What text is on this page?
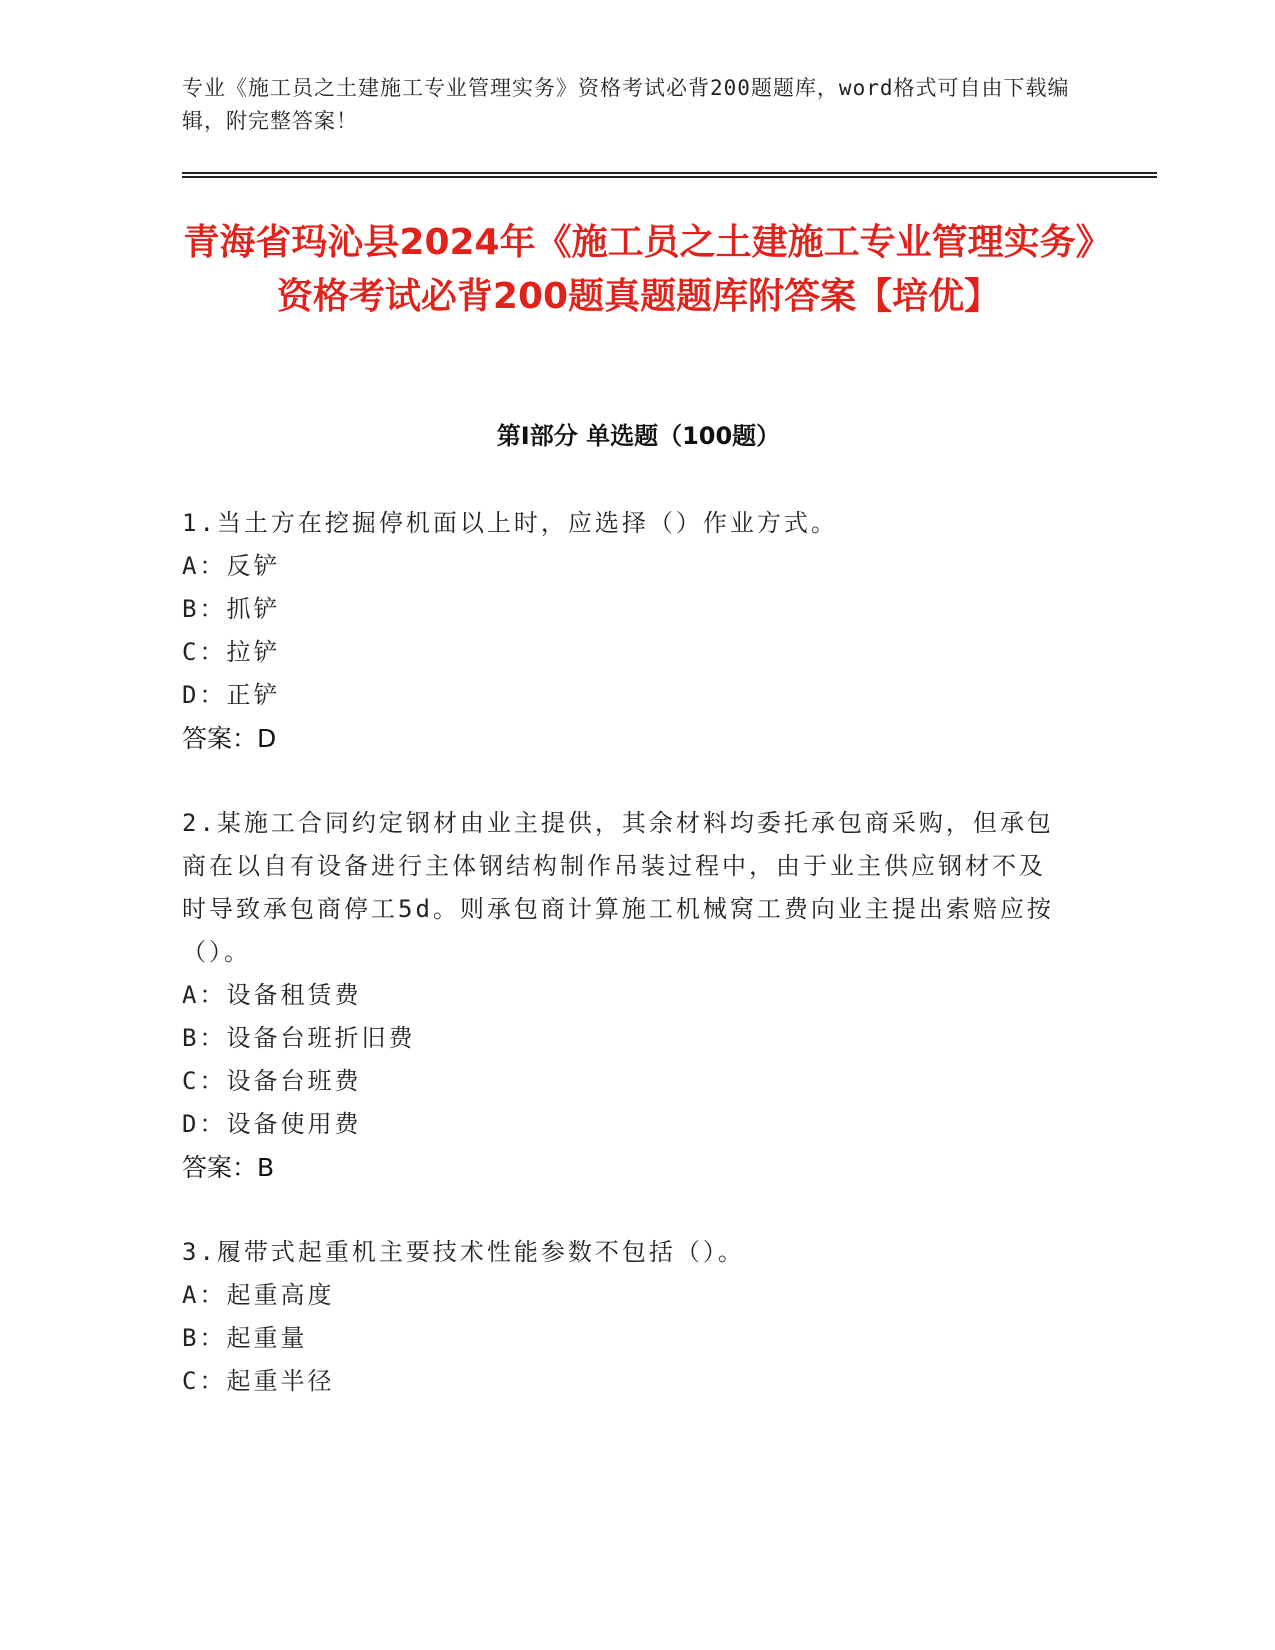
专业《施工员之土建施工专业管理实务》资格考试必背200题题库，word格式可自由下载编辑，附完整答案！
青海省玛沁县2024年《施工员之土建施工专业管理实务》资格考试必背200题真题题库附答案【培优】
第Ⅰ部分 单选题（100题）
1.当土方在挖掘停机面以上时，应选择（）作业方式。
A：反铲
B：抓铲
C：拉铲
D：正铲
答案：D
2.某施工合同约定钢材由业主提供，其余材料均委托承包商采购，但承包商在以自有设备进行主体钢结构制作吊装过程中，由于业主供应钢材不及时导致承包商停工5d。则承包商计算施工机械窝工费向业主提出索赔应按（）。
A：设备租赁费
B：设备台班折旧费
C：设备台班费
D：设备使用费
答案：B
3.履带式起重机主要技术性能参数不包括（）。
A：起重高度
B：起重量
C：起重半径
